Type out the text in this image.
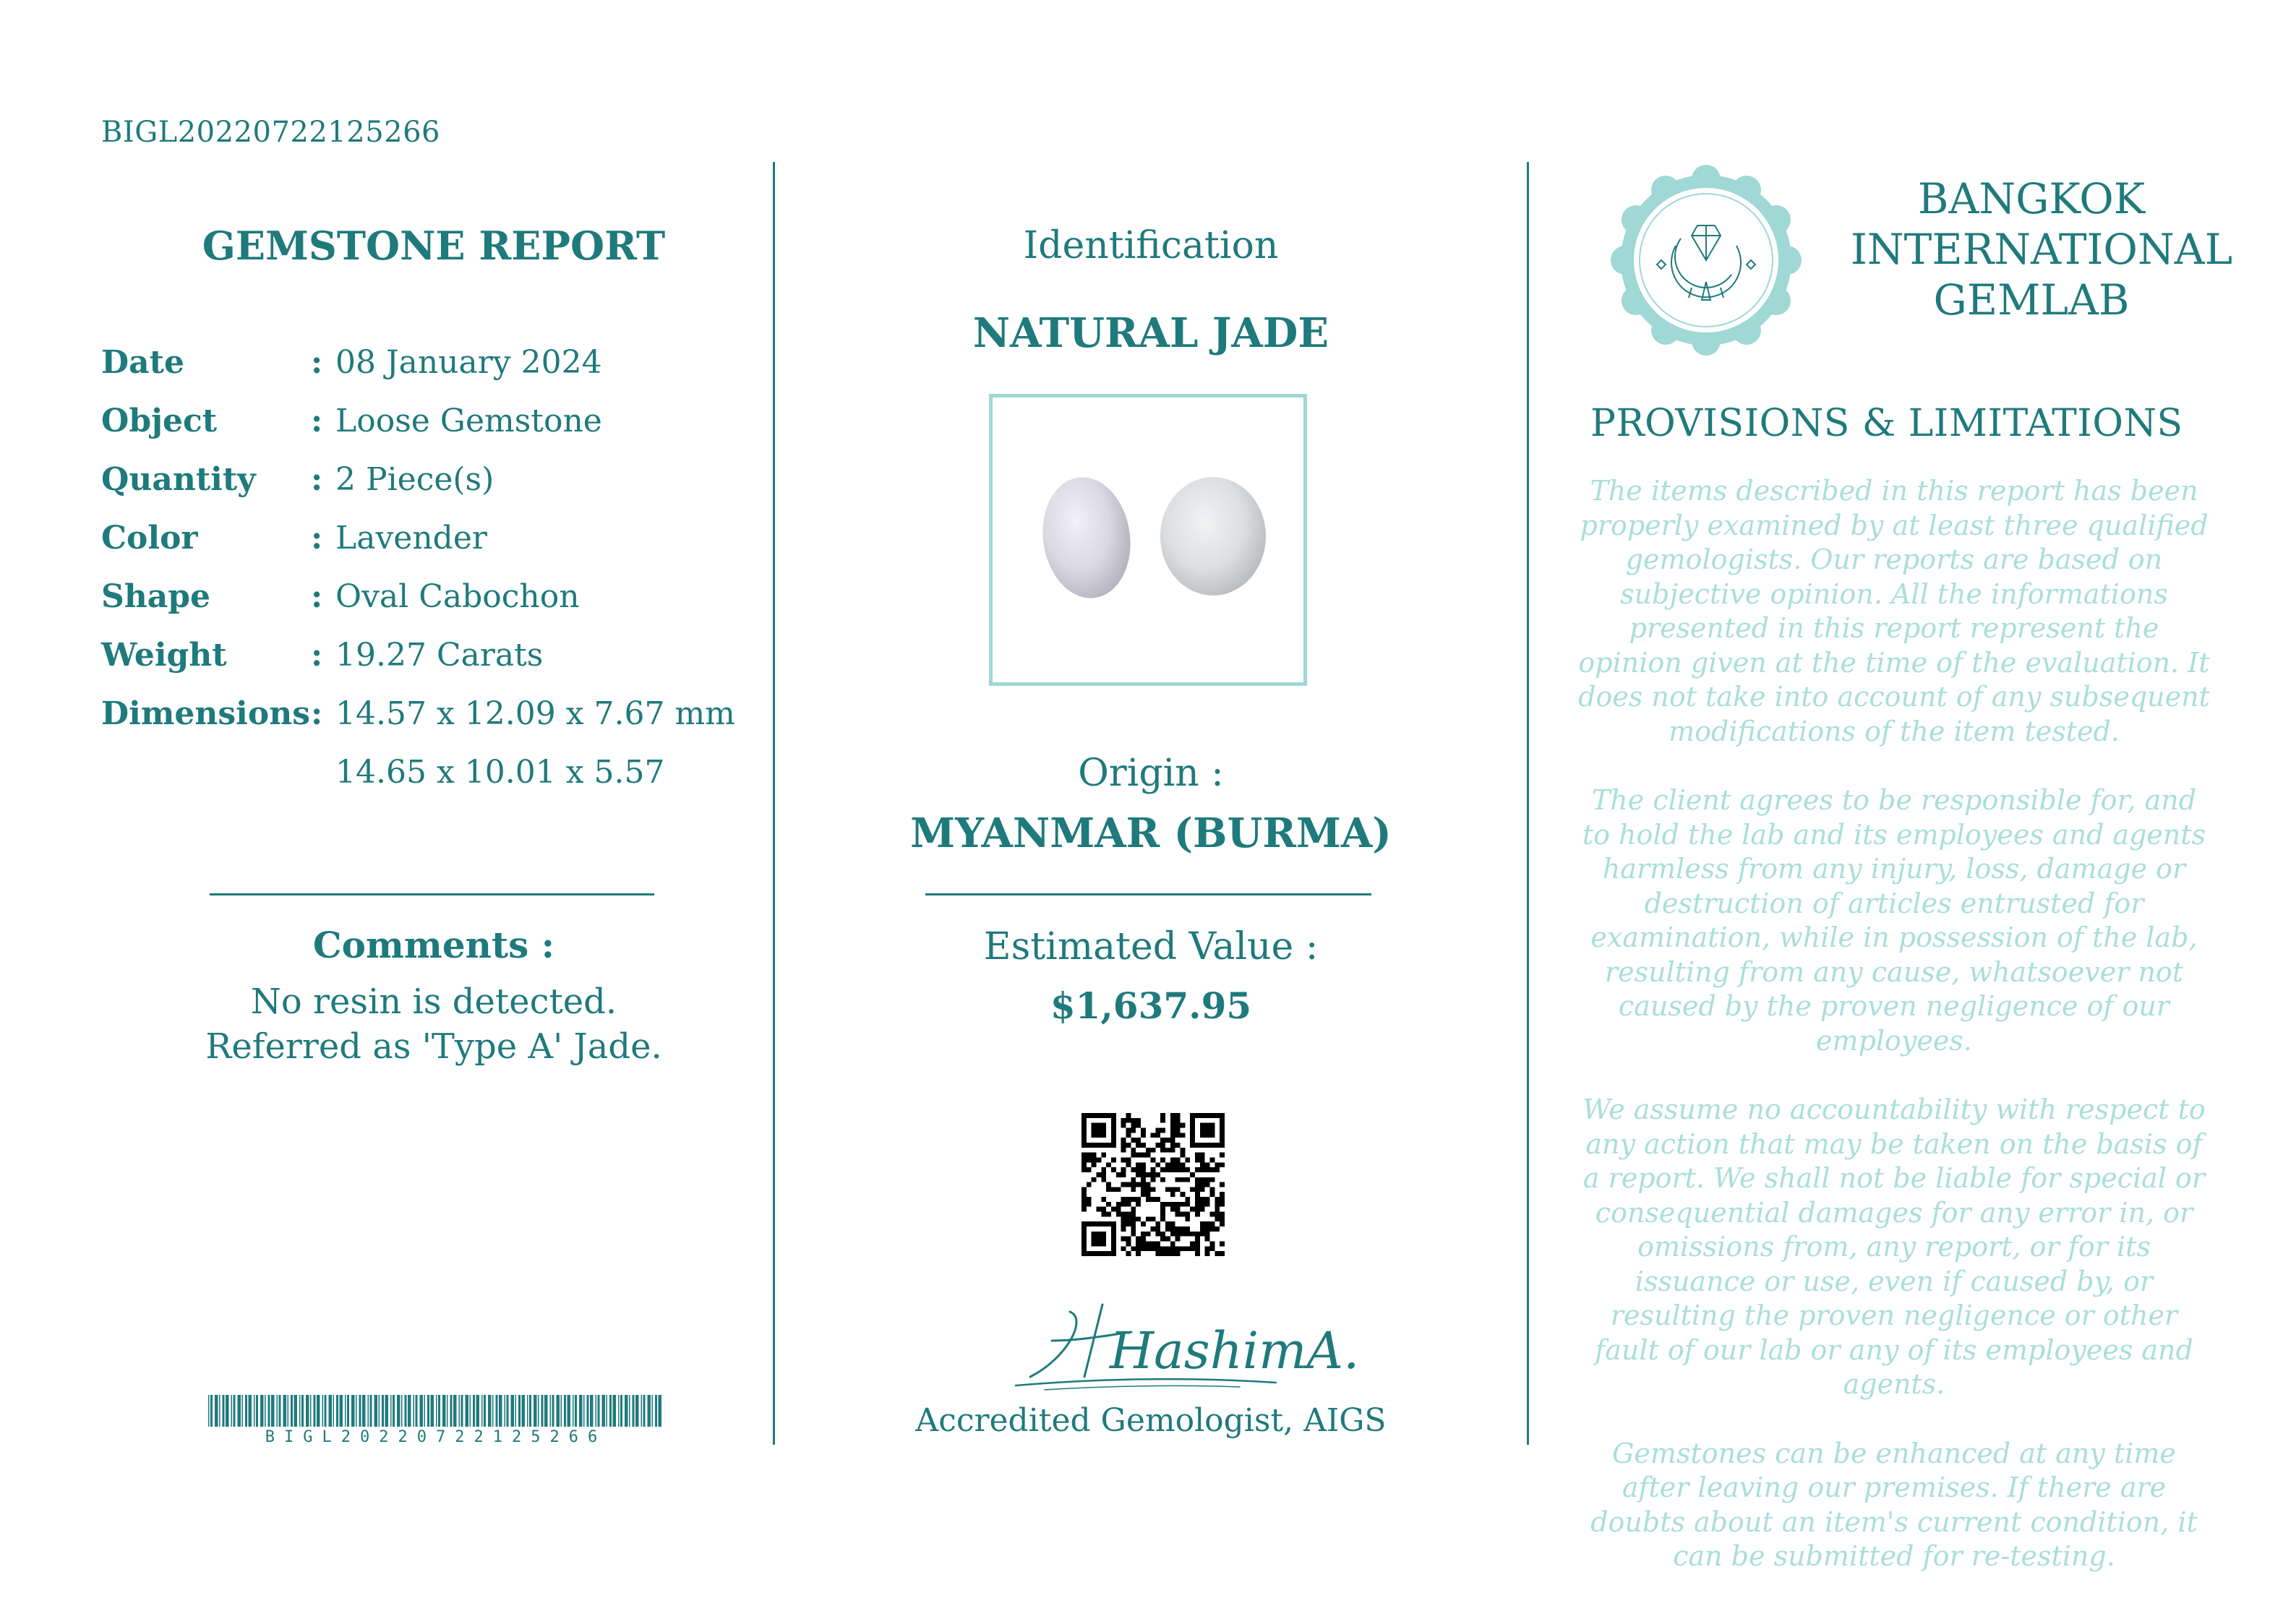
BIGL20220722125266
GEMSTONE REPORT
Date	: 08 January 2024
Object	: Loose Gemstone
Quantity	: 2 Piece(s)
Color	: Lavender
Shape	: Oval Cabochon
Weight	: 19.27 Carats
Dimensions : 14.57 x 12.09 x 7.67 mm
14.65 x 10.01 x 5.57
Comments :
No resin is detected.
Referred as 'Type A' Jade.
BIGL20220722125266
Identification
NATURAL JADE
Origin :
MYANMAR (BURMA)
Estimated Value :
$1,637.95
HashimA.
Accredited Gemologist, AIGS
BANGKOK
INTERNATIONAL
GEMLAB
PROVISIONS & LIMITATIONS

The items described in this report has been properly examined by at least three qualified gemologists. Our reports are based on subjective opinion. All the informations presented in this report represent the opinion given at the time of the evaluation. It does not take into account of any subsequent modifications of the item tested.

The client agrees to be responsible for, and to hold the lab and its employees and agents harmless from any injury, loss, damage or destruction of articles entrusted for examination, while in possession of the lab, resulting from any cause, whatsoever not caused by the proven negligence of our employees.

We assume no accountability with respect to any action that may be taken on the basis of a report. We shall not be liable for special or consequential damages for any error in, or omissions from, any report, or for its issuance or use, even if caused by, or resulting the proven negligence or other fault of our lab or any of its employees and agents.

Gemstones can be enhanced at any time after leaving our premises. If there are doubts about an item's current condition, it can be submitted for re-testing.
